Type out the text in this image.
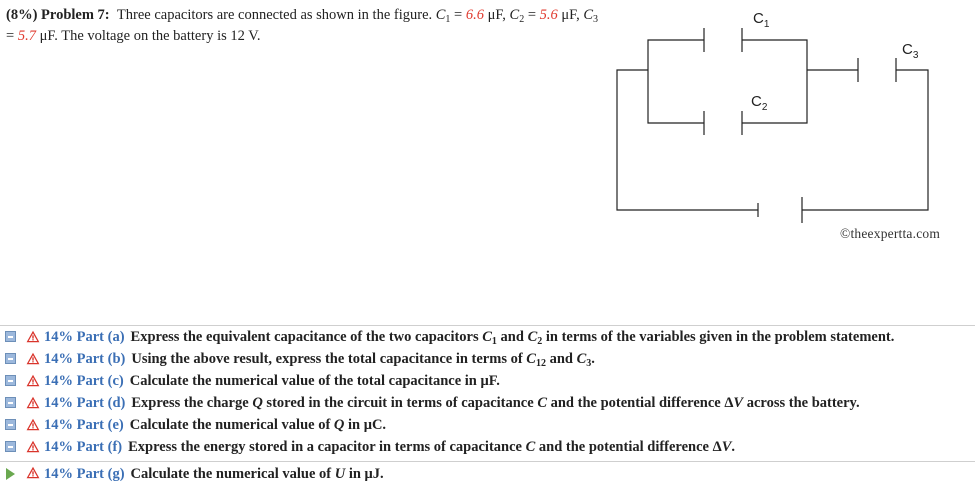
(8%) Problem 7: Three capacitors are connected as shown in the figure. $C_1 = 6.6$ μF, $C_2 = 5.6$ μF, $C_3 = 5.7$ μF. The voltage on the battery is 12 V.
$C_1$
$C_2$
$C_3$
©theexpertta.com
14% Part (a) Express the equivalent capacitance of the two capacitors $C_1$ and $C_2$ in terms of the variables given in the problem statement.
14% Part (b) Using the above result, express the total capacitance in terms of $C_{12}$ and $C_3$.
14% Part (c) Calculate the numerical value of the total capacitance in μF.
14% Part (d) Express the charge Q stored in the circuit in terms of capacitance C and the potential difference ΔV across the battery.
14% Part (e) Calculate the numerical value of Q in μC.
14% Part (f) Express the energy stored in a capacitor in terms of capacitance C and the potential difference ΔV.
14% Part (g) Calculate the numerical value of U in μJ.
